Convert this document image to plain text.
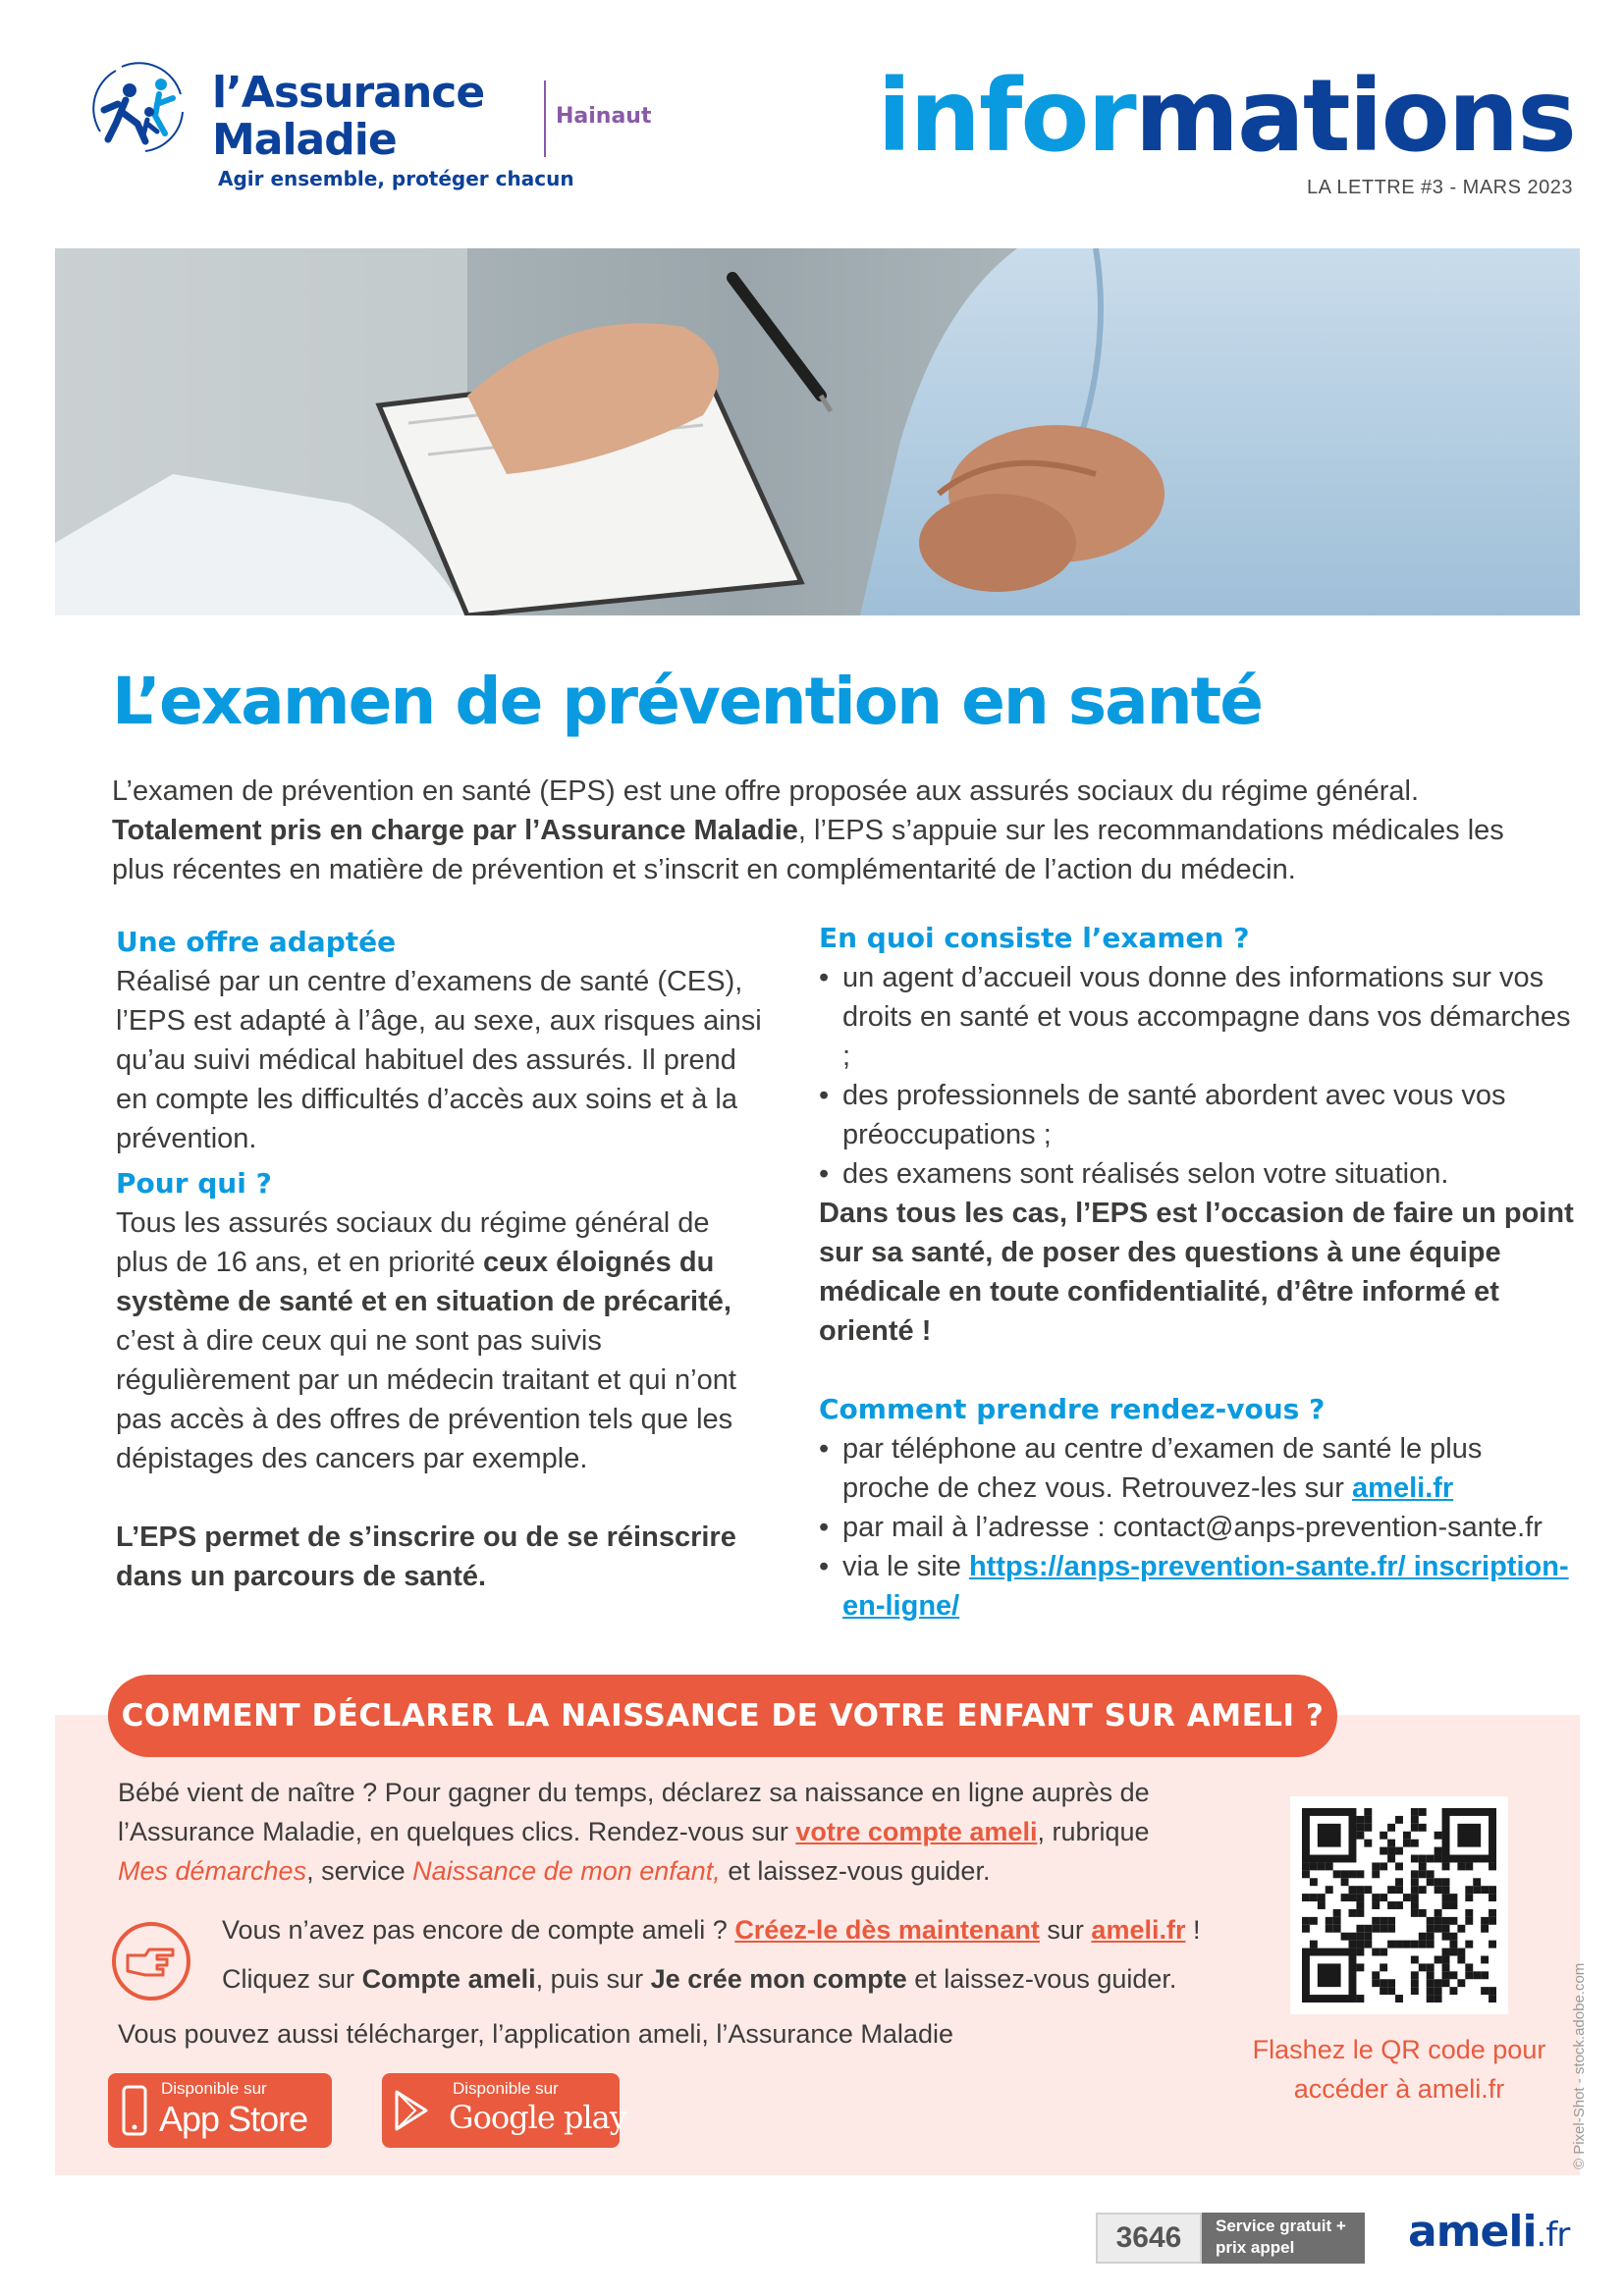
l’Assurance
Maladie
Agir ensemble, protéger chacun
Hainaut informations
LA LETTRE #3 - MARS 2023
L’examen de prévention en santé

L’examen de prévention en santé (EPS) est une offre proposée aux assurés sociaux du régime général.
Totalement pris en charge par l’Assurance Maladie, l’EPS s’appuie sur les recommandations médicales les plus récentes en matière de prévention et s’inscrit en complémentarité de l’action du médecin.

Une offre adaptée

Réalisé par un centre d’examens de santé (CES), l’EPS est adapté à l’âge, au sexe, aux risques ainsi qu’au suivi médical habituel des assurés. Il prend en compte les difficultés d’accès aux soins et à la prévention.

Pour qui ?

Tous les assurés sociaux du régime général de plus de 16 ans, et en priorité ceux éloignés du système de santé et en situation de précarité, c’est à dire ceux qui ne sont pas suivis régulièrement par un médecin traitant et qui n’ont pas accès à des offres de prévention tels que les dépistages des cancers par exemple.

L’EPS permet de s’inscrire ou de se réinscrire dans un parcours de santé.

En quoi consiste l’examen ?
• un agent d’accueil vous donne des informations sur vos droits en santé et vous accompagne dans vos démarches ;
• des professionnels de santé abordent avec vous vos préoccupations ;
• des examens sont réalisés selon votre situation.

Dans tous les cas, l’EPS est l’occasion de faire un point sur sa santé, de poser des questions à une équipe médicale en toute confidentialité, d’être informé et orienté !

Comment prendre rendez-vous ?
• par téléphone au centre d’examen de santé le plus proche de chez vous. Retrouvez-les sur ameli.fr
• par mail à l’adresse : contact@anps-prevention-sante.fr
• via le site https://anps-prevention-sante.fr/ inscription-en-ligne/
COMMENT DÉCLARER LA NAISSANCE DE VOTRE ENFANT SUR AMELI ?

Bébé vient de naître ? Pour gagner du temps, déclarez sa naissance en ligne auprès de l’Assurance Maladie, en quelques clics. Rendez-vous sur votre compte ameli, rubrique
Mes démarches, service Naissance de mon enfant, et laissez-vous guider.

Vous n’avez pas encore de compte ameli ? Créez-le dès maintenant sur ameli.fr !
Cliquez sur Compte ameli, puis sur Je crée mon compte et laissez-vous guider.
Vous pouvez aussi télécharger, l’application ameli, l’Assurance Maladie
Disponible sur
App Store
Disponible sur
Google play
Flashez le QR code pour accéder à ameli.fr	© Pixel-Shot - stock.adobe.com
3646	Service gratuit + prix appel	ameli.fr
